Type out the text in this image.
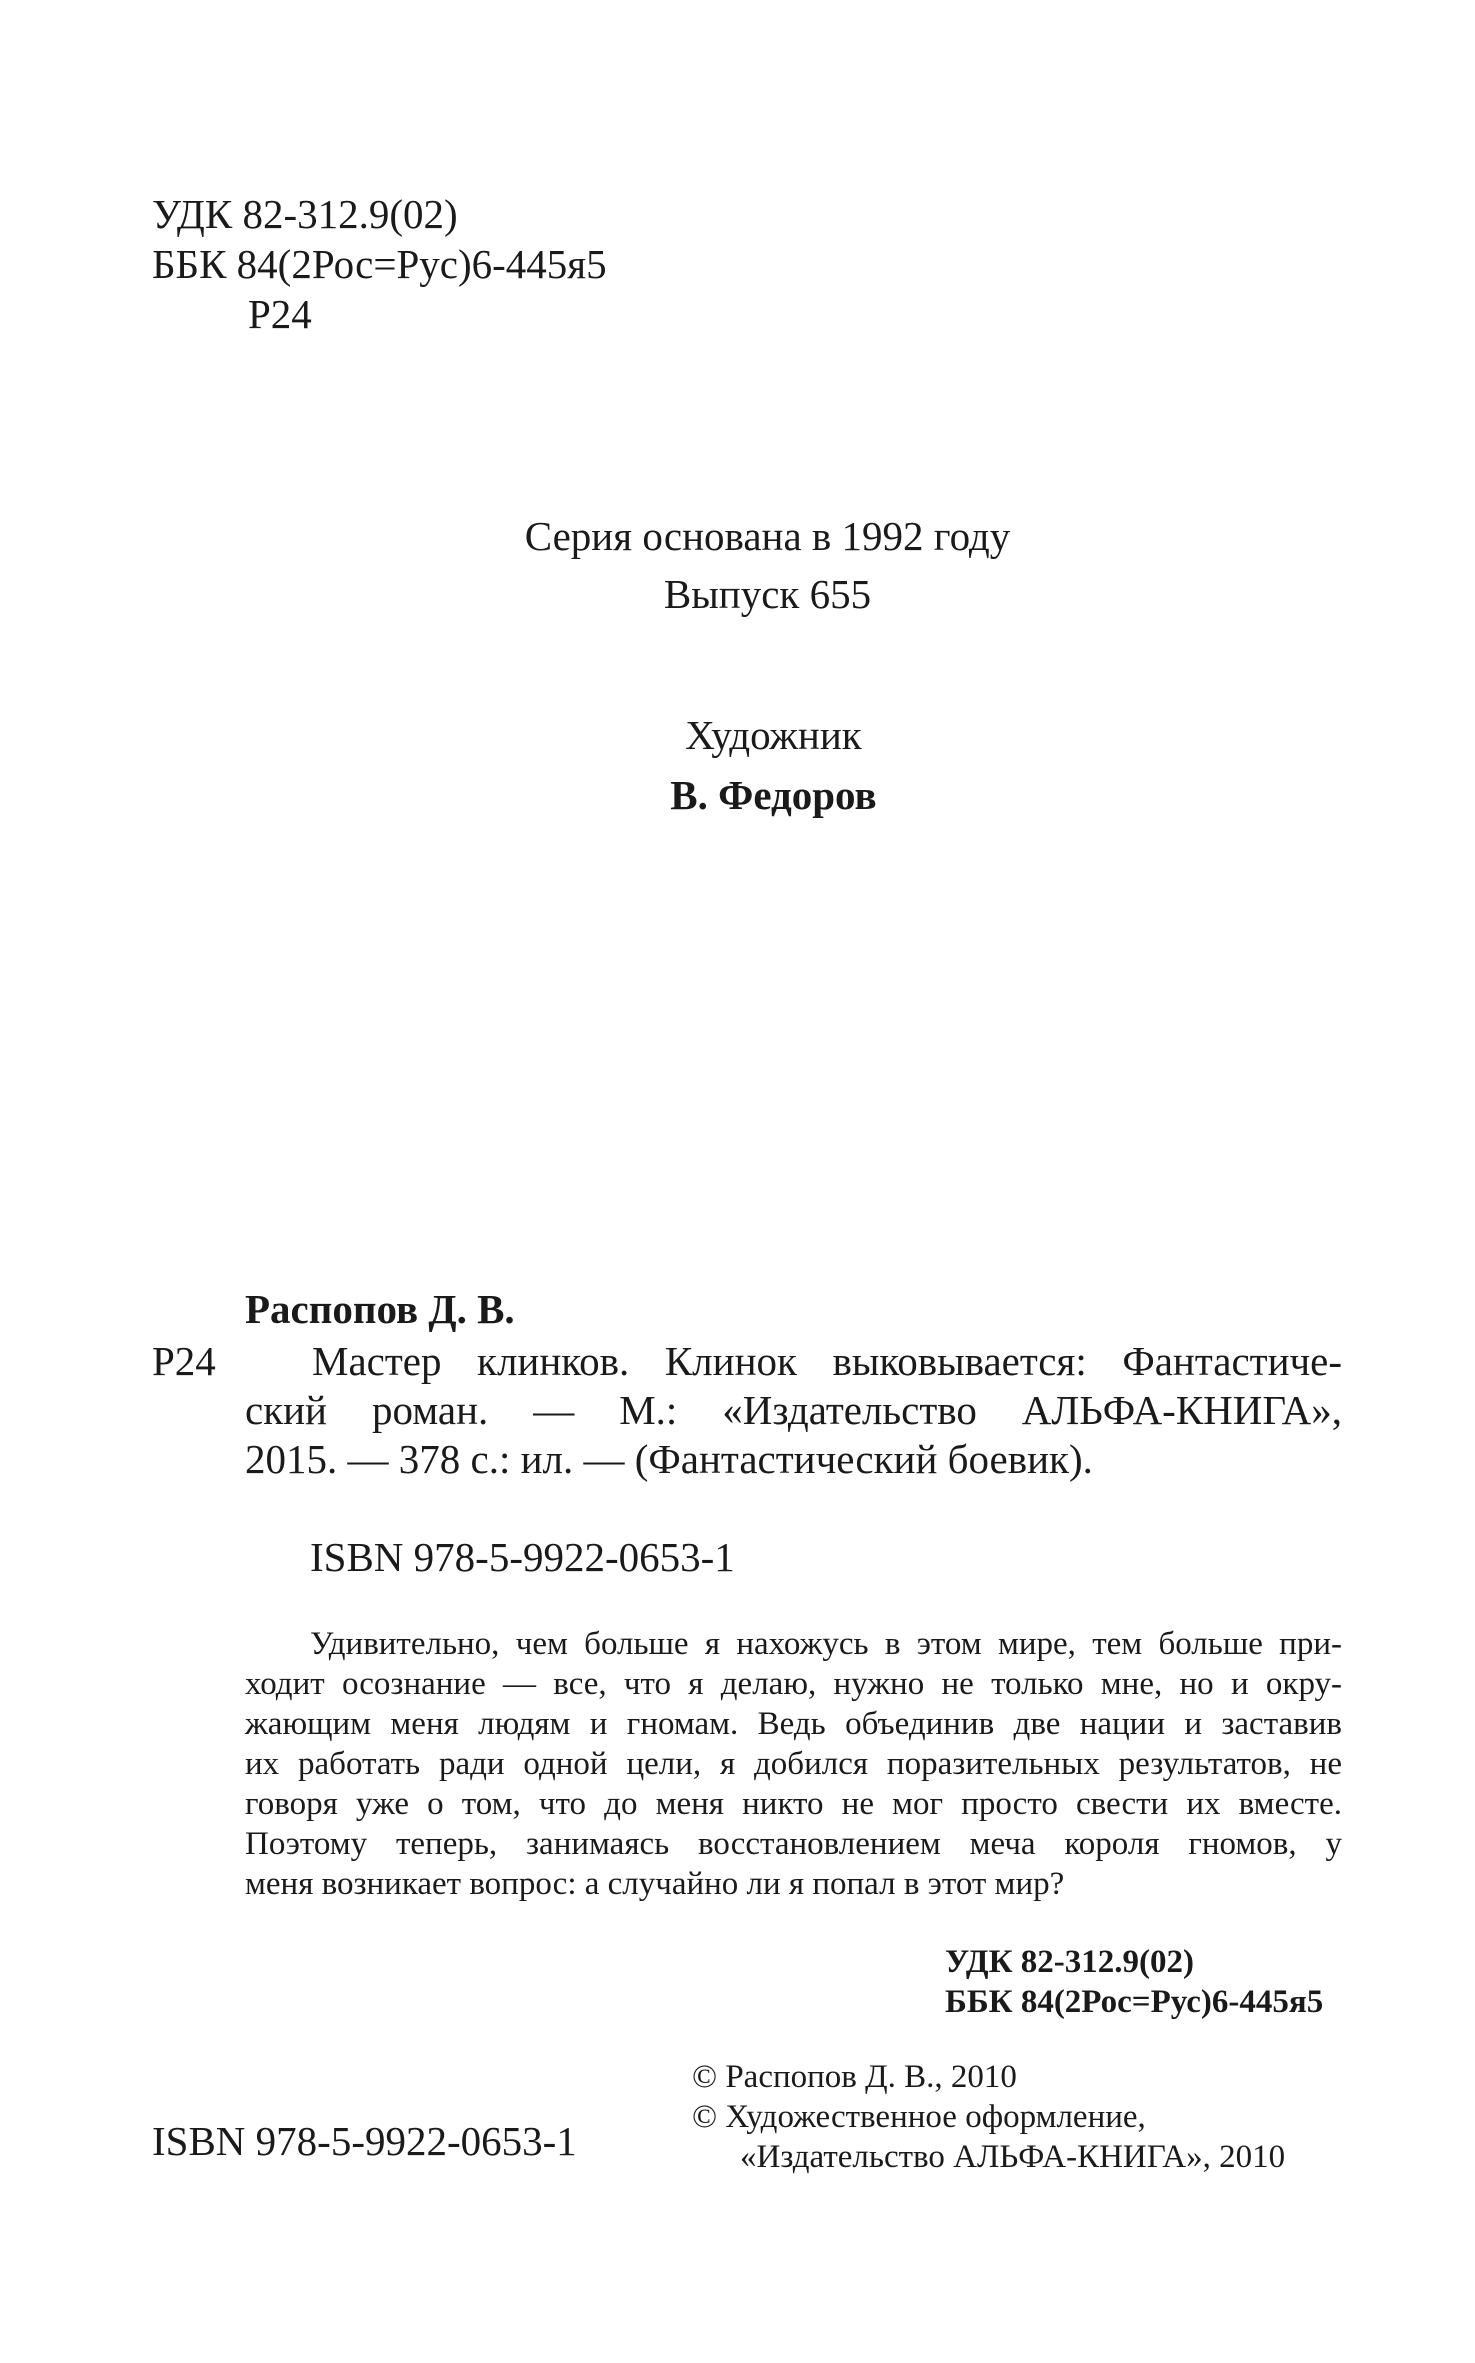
УДК 82-312.9(02)
ББК 84(2Рос=Рус)6-445я5
Р24
Серия основана в 1992 году
Выпуск 655
Художник
В. Федоров
Распопов Д. В.
Р24	Мастер клинков. Клинок выковывается: Фантастиче-
ский роман. — М.: «Издательство АЛЬФА-КНИГА»,
2015. — 378 с.: ил. — (Фантастический боевик).
ISBN 978-5-9922-0653-1
Удивительно, чем больше я нахожусь в этом мире, тем больше при-
ходит осознание — все, что я делаю, нужно не только мне, но и окру-
жающим меня людям и гномам. Ведь объединив две нации и заставив
их работать ради одной цели, я добился поразительных результатов, не
говоря уже о том, что до меня никто не мог просто свести их вместе.
Поэтому теперь, занимаясь восстановлением меча короля гномов, у
меня возникает вопрос: а случайно ли я попал в этот мир?
УДК 82-312.9(02)
ББК 84(2Рос=Рус)6-445я5
© Распопов Д. В., 2010
© Художественное оформление,
«Издательство АЛЬФА-КНИГА», 2010
ISBN 978-5-9922-0653-1
